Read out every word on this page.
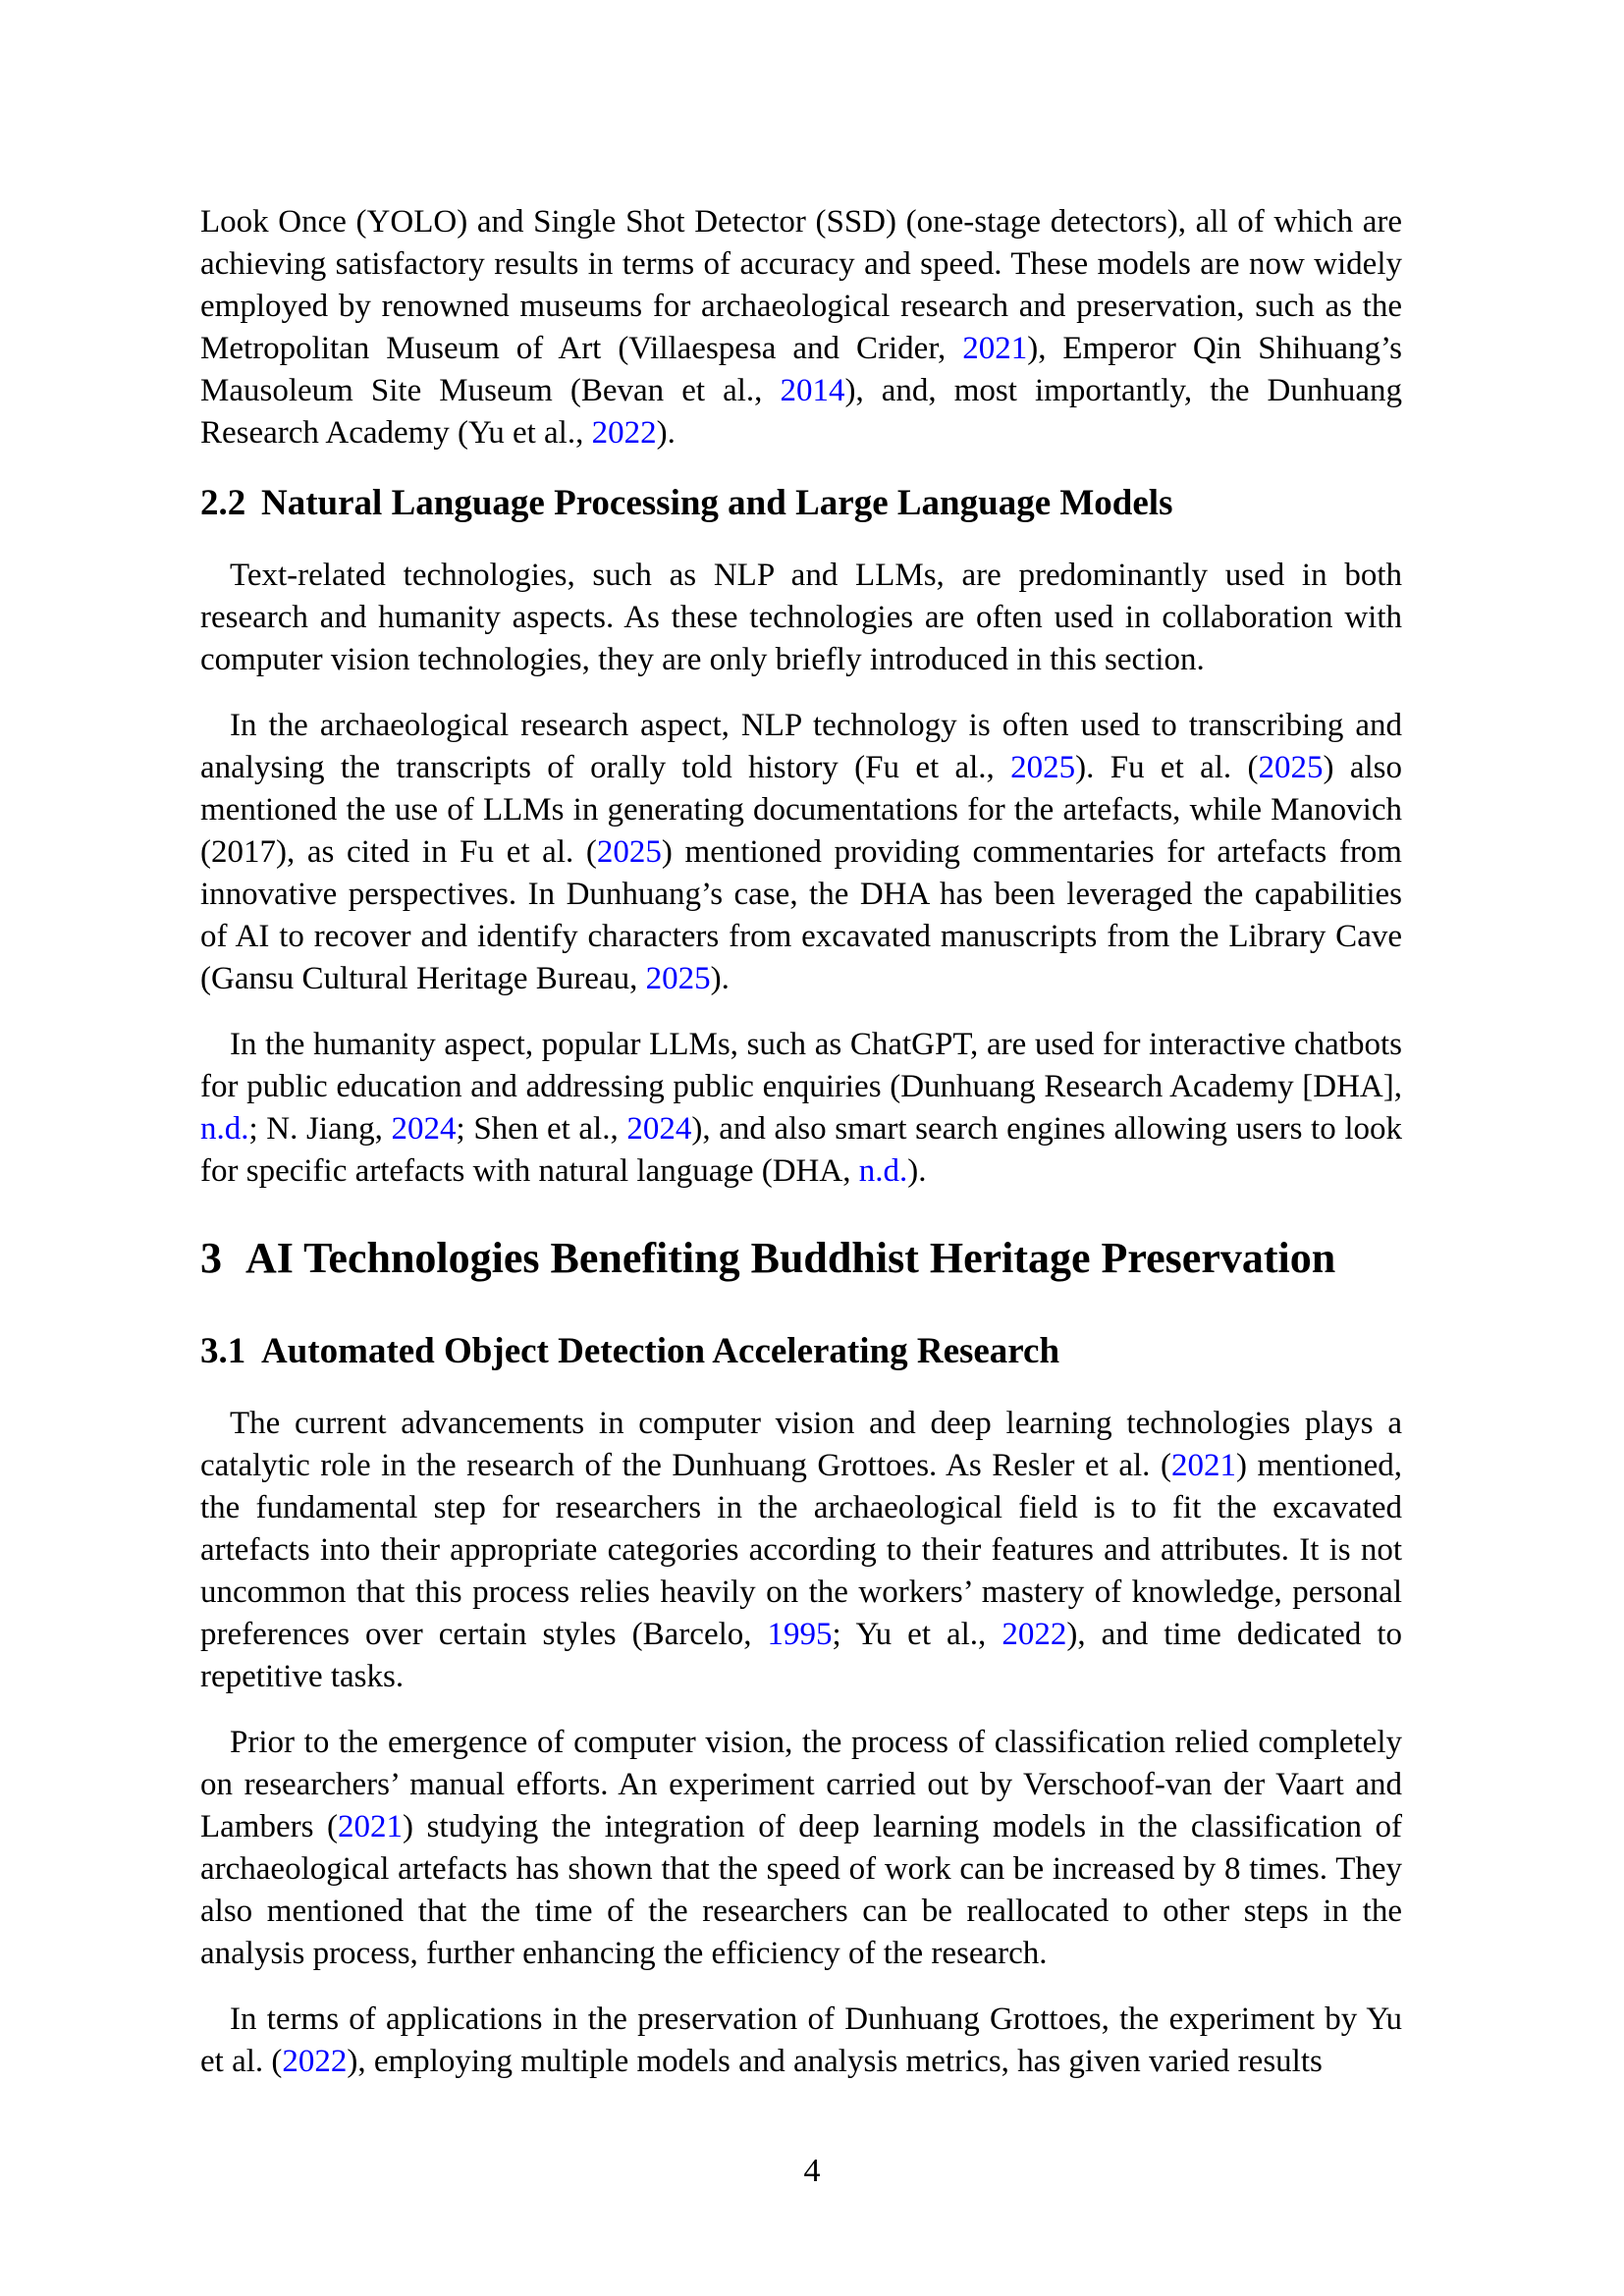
Look Once (YOLO) and Single Shot Detector (SSD) (one-stage detectors), all of which are achieving satisfactory results in terms of accuracy and speed. These models are now widely employed by renowned museums for archaeological research and preservation, such as the Metropolitan Museum of Art (Villaespesa and Crider, 2021), Emperor Qin Shihuang’s Mausoleum Site Museum (Bevan et al., 2014), and, most importantly, the Dunhuang Research Academy (Yu et al., 2022).

2.2 Natural Language Processing and Large Language Models

Text-related technologies, such as NLP and LLMs, are predominantly used in both research and humanity aspects. As these technologies are often used in collaboration with computer vision technologies, they are only briefly introduced in this section.

In the archaeological research aspect, NLP technology is often used to transcribing and analysing the transcripts of orally told history (Fu et al., 2025). Fu et al. (2025) also mentioned the use of LLMs in generating documentations for the artefacts, while Manovich (2017), as cited in Fu et al. (2025) mentioned providing commentaries for artefacts from innovative perspectives. In Dunhuang’s case, the DHA has been leveraged the capabilities of AI to recover and identify characters from excavated manuscripts from the Library Cave (Gansu Cultural Heritage Bureau, 2025).

In the humanity aspect, popular LLMs, such as ChatGPT, are used for interactive chatbots for public education and addressing public enquiries (Dunhuang Research Academy [DHA], n.d.; N. Jiang, 2024; Shen et al., 2024), and also smart search engines allowing users to look for specific artefacts with natural language (DHA, n.d.).

3 AI Technologies Benefiting Buddhist Heritage Preservation
3.1 Automated Object Detection Accelerating Research

The current advancements in computer vision and deep learning technologies plays a catalytic role in the research of the Dunhuang Grottoes. As Resler et al. (2021) mentioned, the fundamental step for researchers in the archaeological field is to fit the excavated artefacts into their appropriate categories according to their features and attributes. It is not uncommon that this process relies heavily on the workers’ mastery of knowledge, personal preferences over certain styles (Barcelo, 1995; Yu et al., 2022), and time dedicated to repetitive tasks.

Prior to the emergence of computer vision, the process of classification relied completely on researchers’ manual efforts. An experiment carried out by Verschoof-van der Vaart and Lambers (2021) studying the integration of deep learning models in the classification of archaeological artefacts has shown that the speed of work can be increased by 8 times. They also mentioned that the time of the researchers can be reallocated to other steps in the analysis process, further enhancing the efficiency of the research.

In terms of applications in the preservation of Dunhuang Grottoes, the experiment by Yu et al. (2022), employing multiple models and analysis metrics, has given varied results

4
